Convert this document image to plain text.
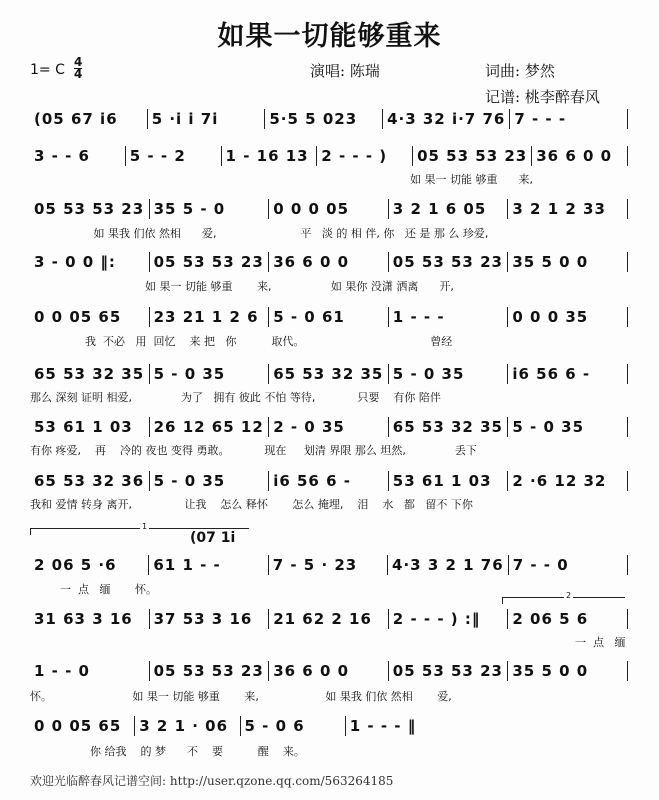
如果一切能够重来
1= C 4
4	演唱: 陈瑞	词曲: 梦然
记谱: 桃李醉春风
(05 67 i6	5 ·i i 7i	5·5 5 023	4·3 32 i·7 76 7 - - -
3 - - 6	5 - - 2	1 - 16 13 2 - - - )	05 53 53 23 36 6 0 0
如 果一 切能 够重      来,
05 53 53 23 35 5 - 0	0 0 0 05	3 2 1 6 05	3 2 1 2 33
如 果我 们依 然相      爱,                        平   淡 的 相 伴, 你   还 是 那 么 珍爱,
3 - 0 0 ‖:	05 53 53 23 36 6 0 0	05 53 53 23 35 5 0 0
如 果一 切能 够重       来,                 如 果你 没潇 洒离      开,
0 0 05 65	23 21 1 2 6 5 - 0 61	1 - - -	0 0 0 35
我  不必   用  回忆    来 把   你          取代。                                    曾经
65 53 32 35 5 - 0 35	65 53 32 35 5 - 0 35	i6 56 6 -
那么 深刻 证明 相爱,              为了   拥有 彼此 不怕 等待,            只要    有你 陪伴
53 61 1 03	26 12 65 12 2 - 0 35	65 53 32 35 5 - 0 35
有你 疼爱,    再    冷的 夜也 变得 勇敢。          现在     划清 界限 那么 坦然,              丢下
65 53 32 36 5 - 0 35	i6 56 6 -	53 61 1 03	2 ·6 12 32
我和 爱情 转身 离开,               让我    怎么 释怀       怎么 掩埋,    泪    水   都   留不 下你
2 06 5 ·6	61 1 - -	7 - 5 · 23	4·3 3 2 1 76 7 - - 0
一  点   缅       怀。
31 63 3 16	37 53 3 16	21 62 2 16	2 - - - ) :‖	2 06 5 6
一  点   缅
1 - - 0	05 53 53 23 36 6 0 0	05 53 53 23 35 5 0 0
怀。                       如 果一 切能 够重       来,                   如 果我 们依 然相       爱,
0 0 05 65	3 2 1 · 06	5 - 0 6	1 - - - ‖
你 给我    的 梦      不    要          醒    来。
(07 1i
1
2
欢迎光临醉春风记谱空间: http://user.qzone.qq.com/563264185
